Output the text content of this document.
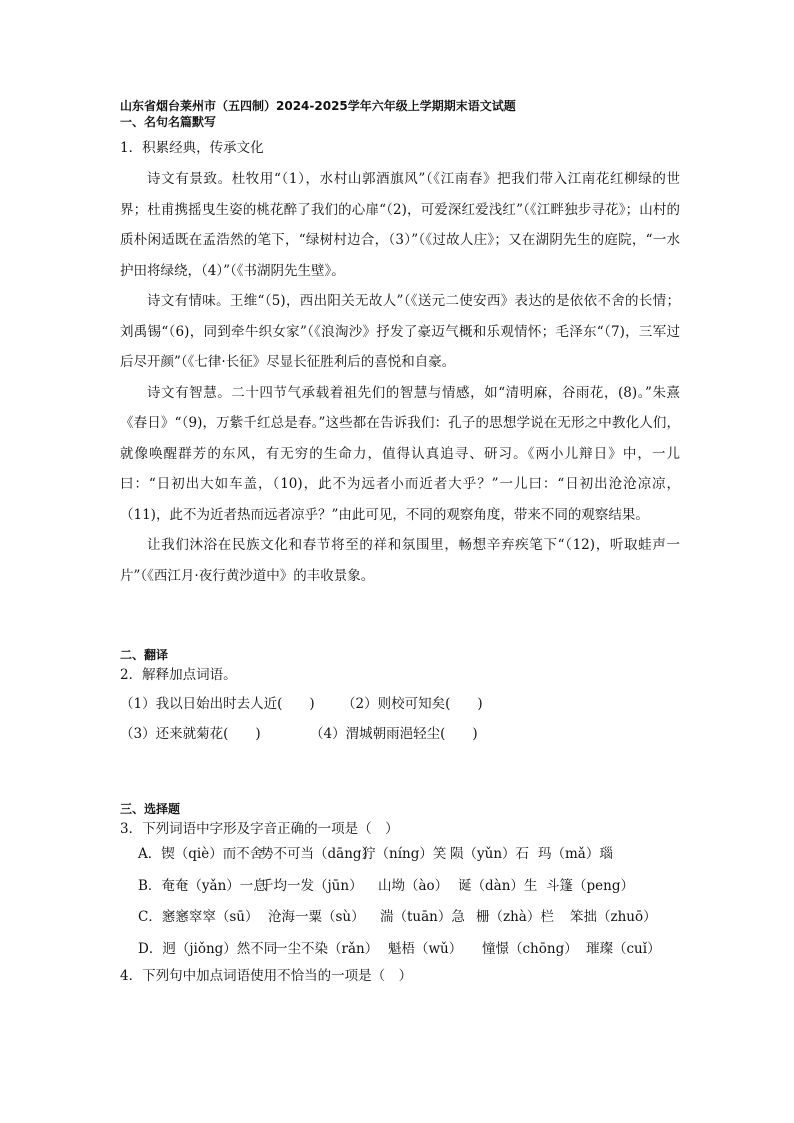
山东省烟台莱州市（五四制）2024-2025学年六年级上学期期末语文试题
一、名句名篇默写
1．积累经典，传承文化

诗文有景致。杜牧用“（1），水村山郭酒旗风”（《江南春》把我们带入江南花红柳绿的世界；杜甫携摇曳生姿的桃花醉了我们的心扉“（2)，可爱深红爱浅红”（《江畔独步寻花》；山村的质朴闲适既在孟浩然的笔下，“绿树村边合，（3）”（《过故人庄》；又在湖阴先生的庭院，“一水护田将绿绕，（4）”（《书湖阴先生壁》。

诗文有情味。王维“（5)，西出阳关无故人”（《送元二使安西》表达的是依依不舍的长情；刘禹锡“（6)，同到牵牛织女家”（《浪淘沙》抒发了豪迈气概和乐观情怀；毛泽东“（7)，三军过后尽开颜”（《七律·长征》尽显长征胜利后的喜悦和自豪。

诗文有智慧。二十四节气承载着祖先们的智慧与情感，如“清明麻，谷雨花，(8)。”朱熹《春日》“（9)，万紫千红总是春。”这些都在告诉我们：孔子的思想学说在无形之中教化人们，就像唤醒群芳的东风，有无穷的生命力，值得认真追寻、研习。《两小儿辩日》中，一儿曰：“日初出大如车盖，（10)，此不为远者小而近者大乎？”一儿曰：“日初出沧沧凉凉，（11)，此不为近者热而远者凉乎？”由此可见，不同的观察角度，带来不同的观察结果。

让我们沐浴在民族文化和春节将至的祥和氛围里，畅想辛弃疾笔下“（12)，听取蛙声一片”（《西江月·夜行黄沙道中》的丰收景象。

二、翻译
2．解释加点词语。
（1）我以日始出时去人近(　　) （2）则校可知矣(　　)
（3）还来就菊花(　　)	（4）渭城朝雨浥轻尘(　　)
三、选择题
3．下列词语中字形及字音正确的一项是（　）
A．锲（qiè）而不舍势不可当（dāng）狞（níng）笑 陨（yǔn）石 玛（mǎ）瑙
B．奄奄（yǎn）一息千均一发（jūn） 山坳（ào） 诞（dàn）生 斗篷（peng）
C．窸窸窣窣（sū） 沧海一粟（sù） 湍（tuān）急 栅（zhà）栏 笨拙（zhuō）
D．迥（jiǒng）然不同一尘不染（rǎn） 魁梧（wǔ） 憧憬（chōng） 璀璨（cuǐ）
4．下列句中加点词语使用不恰当的一项是（　）
